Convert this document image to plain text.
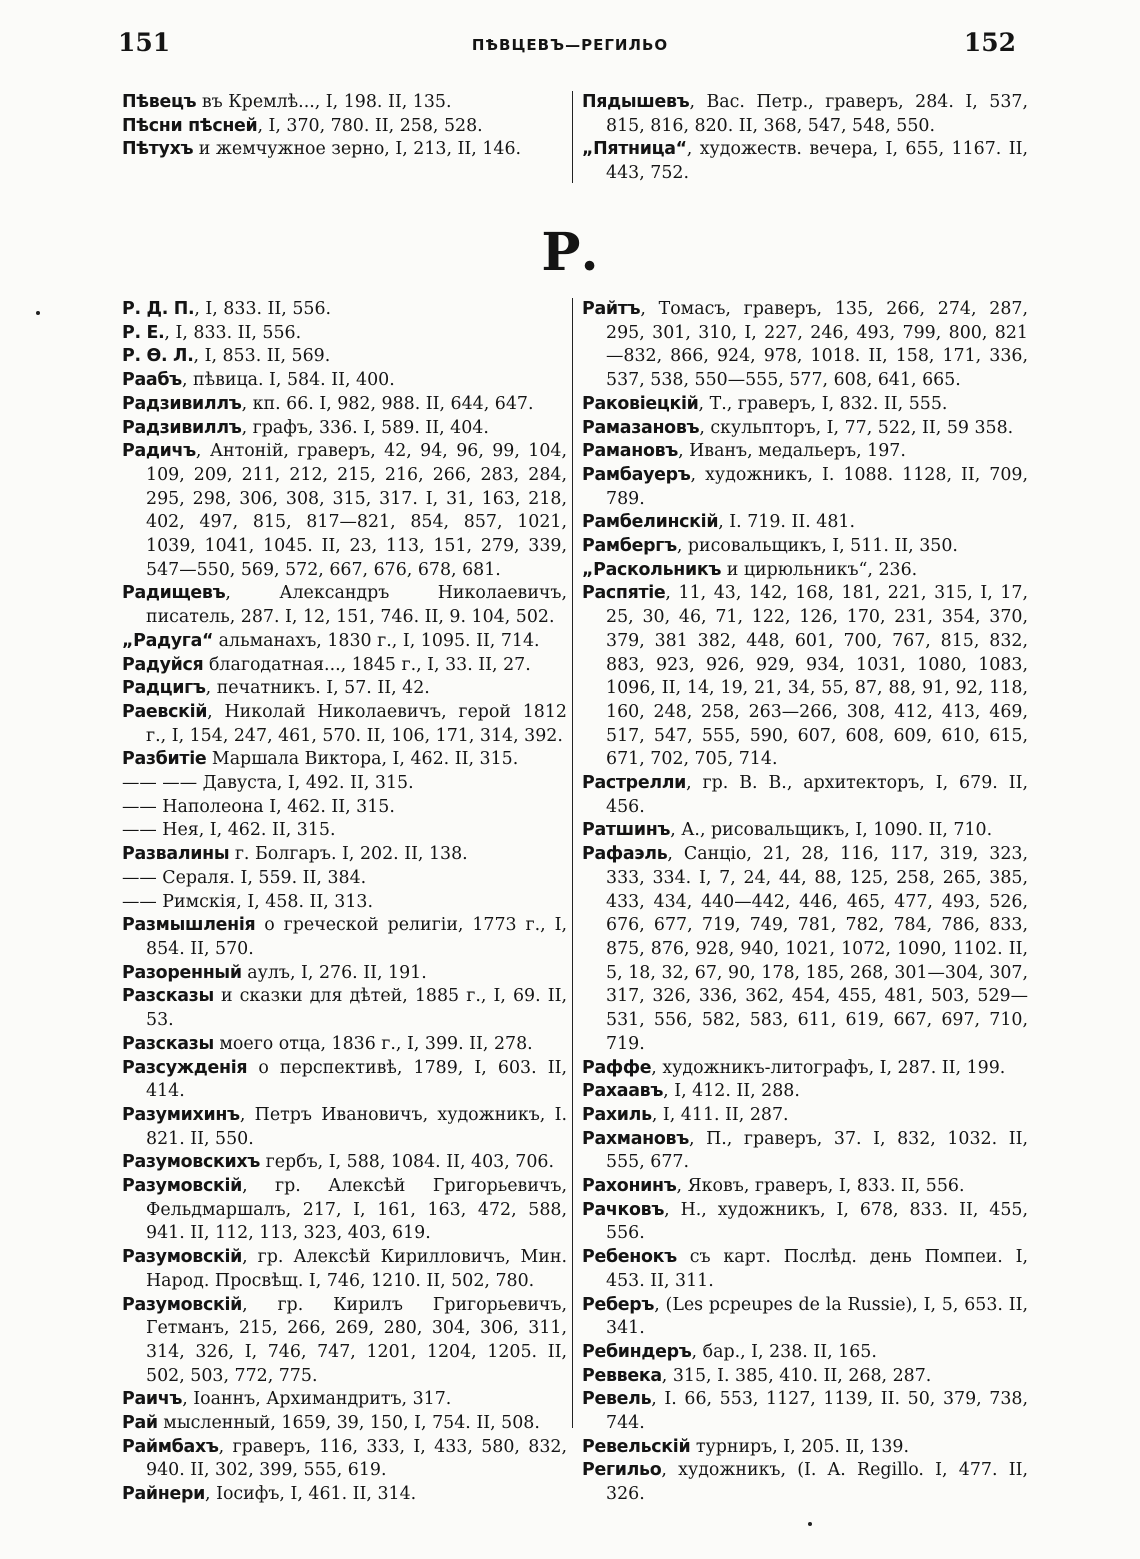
151	ПѢВЦЕВЪ—РЕГИЛЬО	152
Пѣвецъ въ Кремлѣ..., I, 198. II, 135.
Пѣсни пѣсней, I, 370, 780. II, 258, 528.
Пѣтухъ и жемчужное зерно, I, 213, II, 146.
Пядышевъ, Вас. Петр., граверъ, 284. I, 537, 815, 816, 820. II, 368, 547, 548, 550.
„Пятница“, художеств. вечера, I, 655, 1167. II, 443, 752.
Р.
Р. Д. П., I, 833. II, 556.
Р. Е., I, 833. II, 556.
Р. Ѳ. Л., I, 853. II, 569.
Раабъ, пѣвица. I, 584. II, 400.
Радзивиллъ, кп. 66. I, 982, 988. II, 644, 647.
Радзивиллъ, графъ, 336. I, 589. II, 404.
Радичъ, Антоній, граверъ, 42, 94, 96, 99, 104, 109, 209, 211, 212, 215, 216, 266, 283, 284, 295, 298, 306, 308, 315, 317. I, 31, 163, 218, 402, 497, 815, 817—821, 854, 857, 1021, 1039, 1041, 1045. II, 23, 113, 151, 279, 339, 547—550, 569, 572, 667, 676, 678, 681.
Радищевъ, Александръ Николаевичъ, писатель, 287. I, 12, 151, 746. II, 9. 104, 502.
„Радуга“ альманахъ, 1830 г., I, 1095. II, 714.
Радуйся благодатная..., 1845 г., I, 33. II, 27.
Радцигъ, печатникъ. I, 57. II, 42.
Раевскій, Николай Николаевичъ, герой 1812 г., I, 154, 247, 461, 570. II, 106, 171, 314, 392.
Разбитіе Маршала Виктора, I, 462. II, 315.
—— —— Давуста, I, 492. II, 315.
—— Наполеона I, 462. II, 315.
—— Нея, I, 462. II, 315.
Развалины г. Болгаръ. I, 202. II, 138.
—— Сераля. I, 559. II, 384.
—— Римскія, I, 458. II, 313.
Размышленія о греческой религіи, 1773 г., I, 854. II, 570.
Разоренный аулъ, I, 276. II, 191.
Разсказы и сказки для дѣтей, 1885 г., I, 69. II, 53.
Разсказы моего отца, 1836 г., I, 399. II, 278.
Разсужденія о перспективѣ, 1789, I, 603. II, 414.
Разумихинъ, Петръ Ивановичъ, художникъ, I. 821. II, 550.
Разумовскихъ гербъ, I, 588, 1084. II, 403, 706.
Разумовскій, гр. Алексѣй Григорьевичъ, Фельдмаршалъ, 217, I, 161, 163, 472, 588, 941. II, 112, 113, 323, 403, 619.
Разумовскій, гр. Алексѣй Кирилловичъ, Мин. Народ. Просвѣщ. I, 746, 1210. II, 502, 780.
Разумовскій, гр. Кирилъ Григорьевичъ, Гетманъ, 215, 266, 269, 280, 304, 306, 311, 314, 326, I, 746, 747, 1201, 1204, 1205. II, 502, 503, 772, 775.
Раичъ, Іоаннъ, Архимандритъ, 317.
Рай мысленный, 1659, 39, 150, I, 754. II, 508.
Раймбахъ, граверъ, 116, 333, I, 433, 580, 832, 940. II, 302, 399, 555, 619.
Райнери, Іосифъ, I, 461. II, 314.
Райтъ, Томасъ, граверъ, 135, 266, 274, 287, 295, 301, 310, I, 227, 246, 493, 799, 800, 821—832, 866, 924, 978, 1018. II, 158, 171, 336, 537, 538, 550—555, 577, 608, 641, 665.
Раковіецкій, Т., граверъ, I, 832. II, 555.
Рамазановъ, скульпторъ, I, 77, 522, II, 59 358.
Рамановъ, Иванъ, медальеръ, 197.
Рамбауеръ, художникъ, I. 1088. 1128, II, 709, 789.
Рамбелинскій, I. 719. II. 481.
Рамбергъ, рисовальщикъ, I, 511. II, 350.
„Раскольникъ и цирюльникъ“, 236.
Распятіе, 11, 43, 142, 168, 181, 221, 315, I, 17, 25, 30, 46, 71, 122, 126, 170, 231, 354, 370, 379, 381 382, 448, 601, 700, 767, 815, 832, 883, 923, 926, 929, 934, 1031, 1080, 1083, 1096, II, 14, 19, 21, 34, 55, 87, 88, 91, 92, 118, 160, 248, 258, 263—266, 308, 412, 413, 469, 517, 547, 555, 590, 607, 608, 609, 610, 615, 671, 702, 705, 714.
Растрелли, гр. В. В., архитекторъ, I, 679. II, 456.
Ратшинъ, А., рисовальщикъ, I, 1090. II, 710.
Рафаэль, Санціо, 21, 28, 116, 117, 319, 323, 333, 334. I, 7, 24, 44, 88, 125, 258, 265, 385, 433, 434, 440—442, 446, 465, 477, 493, 526, 676, 677, 719, 749, 781, 782, 784, 786, 833, 875, 876, 928, 940, 1021, 1072, 1090, 1102. II, 5, 18, 32, 67, 90, 178, 185, 268, 301—304, 307, 317, 326, 336, 362, 454, 455, 481, 503, 529—531, 556, 582, 583, 611, 619, 667, 697, 710, 719.
Раффе, художникъ-литографъ, I, 287. II, 199.
Рахаавъ, I, 412. II, 288.
Рахиль, I, 411. II, 287.
Рахмановъ, П., граверъ, 37. I, 832, 1032. II, 555, 677.
Рахонинъ, Яковъ, граверъ, I, 833. II, 556.
Рачковъ, Н., художникъ, I, 678, 833. II, 455, 556.
Ребенокъ съ карт. Послѣд. день Помпеи. I, 453. II, 311.
Реберъ, (Les pcpeupes de la Russie), I, 5, 653. II, 341.
Ребиндеръ, бар., I, 238. II, 165.
Реввека, 315, I. 385, 410. II, 268, 287.
Ревель, I. 66, 553, 1127, 1139, II. 50, 379, 738, 744.
Ревельскій турниръ, I, 205. II, 139.
Регильо, художникъ, (I. A. Regillo. I, 477. II, 326.
